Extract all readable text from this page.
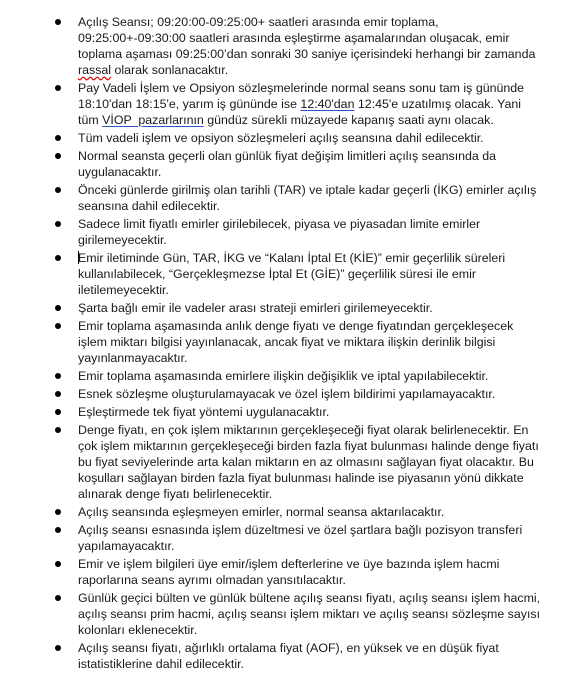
Açılış Seansı; 09:20:00-09:25:00+ saatleri arasında emir toplama, 09:25:00+-09:30:00 saatleri arasında eşleştirme aşamalarından oluşacak, emir toplama aşaması 09:25:00’dan sonraki 30 saniye içerisindeki herhangi bir zamanda rassal olarak sonlanacaktır.
Pay Vadeli İşlem ve Opsiyon sözleşmelerinde normal seans sonu tam iş gününde 18:10'dan 18:15'e, yarım iş gününde ise 12:40'dan 12:45'e uzatılmış olacak. Yani tüm VİOP  pazarlarının gündüz sürekli müzayede kapanış saati aynı olacak.
Tüm vadeli işlem ve opsiyon sözleşmeleri açılış seansına dahil edilecektir.
Normal seansta geçerli olan günlük fiyat değişim limitleri açılış seansında da uygulanacaktır.
Önceki günlerde girilmiş olan tarihli (TAR) ve iptale kadar geçerli (İKG) emirler açılış seansına dahil edilecektir.
Sadece limit fiyatlı emirler girilebilecek, piyasa ve piyasadan limite emirler girilemeyecektir.
Emir iletiminde Gün, TAR, İKG ve “Kalanı İptal Et (KİE)” emir geçerlilik süreleri kullanılabilecek, “Gerçekleşmezse İptal Et (GİE)” geçerlilik süresi ile emir iletilemeyecektir.
Şarta bağlı emir ile vadeler arası strateji emirleri girilemeyecektir.
Emir toplama aşamasında anlık denge fiyatı ve denge fiyatından gerçekleşecek işlem miktarı bilgisi yayınlanacak, ancak fiyat ve miktara ilişkin derinlik bilgisi yayınlanmayacaktır.
Emir toplama aşamasında emirlere ilişkin değişiklik ve iptal yapılabilecektir.
Esnek sözleşme oluşturulamayacak ve özel işlem bildirimi yapılamayacaktır.
Eşleştirmede tek fiyat yöntemi uygulanacaktır.
Denge fiyatı, en çok işlem miktarının gerçekleşeceği fiyat olarak belirlenecektir. En çok işlem miktarının gerçekleşeceği birden fazla fiyat bulunması halinde denge fiyatı bu fiyat seviyelerinde arta kalan miktarın en az olmasını sağlayan fiyat olacaktır. Bu koşulları sağlayan birden fazla fiyat bulunması halinde ise piyasanın yönü dikkate alınarak denge fiyatı belirlenecektir.
Açılış seansında eşleşmeyen emirler, normal seansa aktarılacaktır.
Açılış seansı esnasında işlem düzeltmesi ve özel şartlara bağlı pozisyon transferi yapılamayacaktır.
Emir ve işlem bilgileri üye emir/işlem defterlerine ve üye bazında işlem hacmi raporlarına seans ayrımı olmadan yansıtılacaktır.
Günlük geçici bülten ve günlük bültene açılış seansı fiyatı, açılış seansı işlem hacmi, açılış seansı prim hacmi, açılış seansı işlem miktarı ve açılış seansı sözleşme sayısı kolonları eklenecektir.
Açılış seansı fiyatı, ağırlıklı ortalama fiyat (AOF), en yüksek ve en düşük fiyat istatistiklerine dahil edilecektir.
